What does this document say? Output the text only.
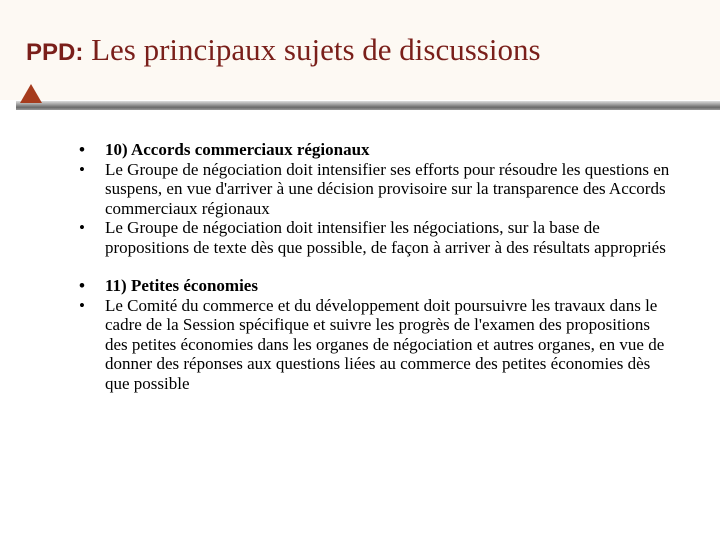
PPD: Les principaux sujets de discussions
• 10) Accords commerciaux régionaux
• Le Groupe de négociation doit intensifier ses efforts pour résoudre les questions en suspens, en vue d'arriver à une décision provisoire sur la transparence des Accords commerciaux régionaux
• Le Groupe de négociation doit intensifier les négociations, sur la base de propositions de texte dès que possible, de façon à arriver à des résultats appropriés
• 11) Petites économies
• Le Comité du commerce et du développement doit poursuivre les travaux dans le cadre de la Session spécifique et suivre les progrès de l'examen des propositions des petites économies dans les organes de négociation et autres organes, en vue de donner des réponses aux questions liées au commerce des petites économies dès que possible
